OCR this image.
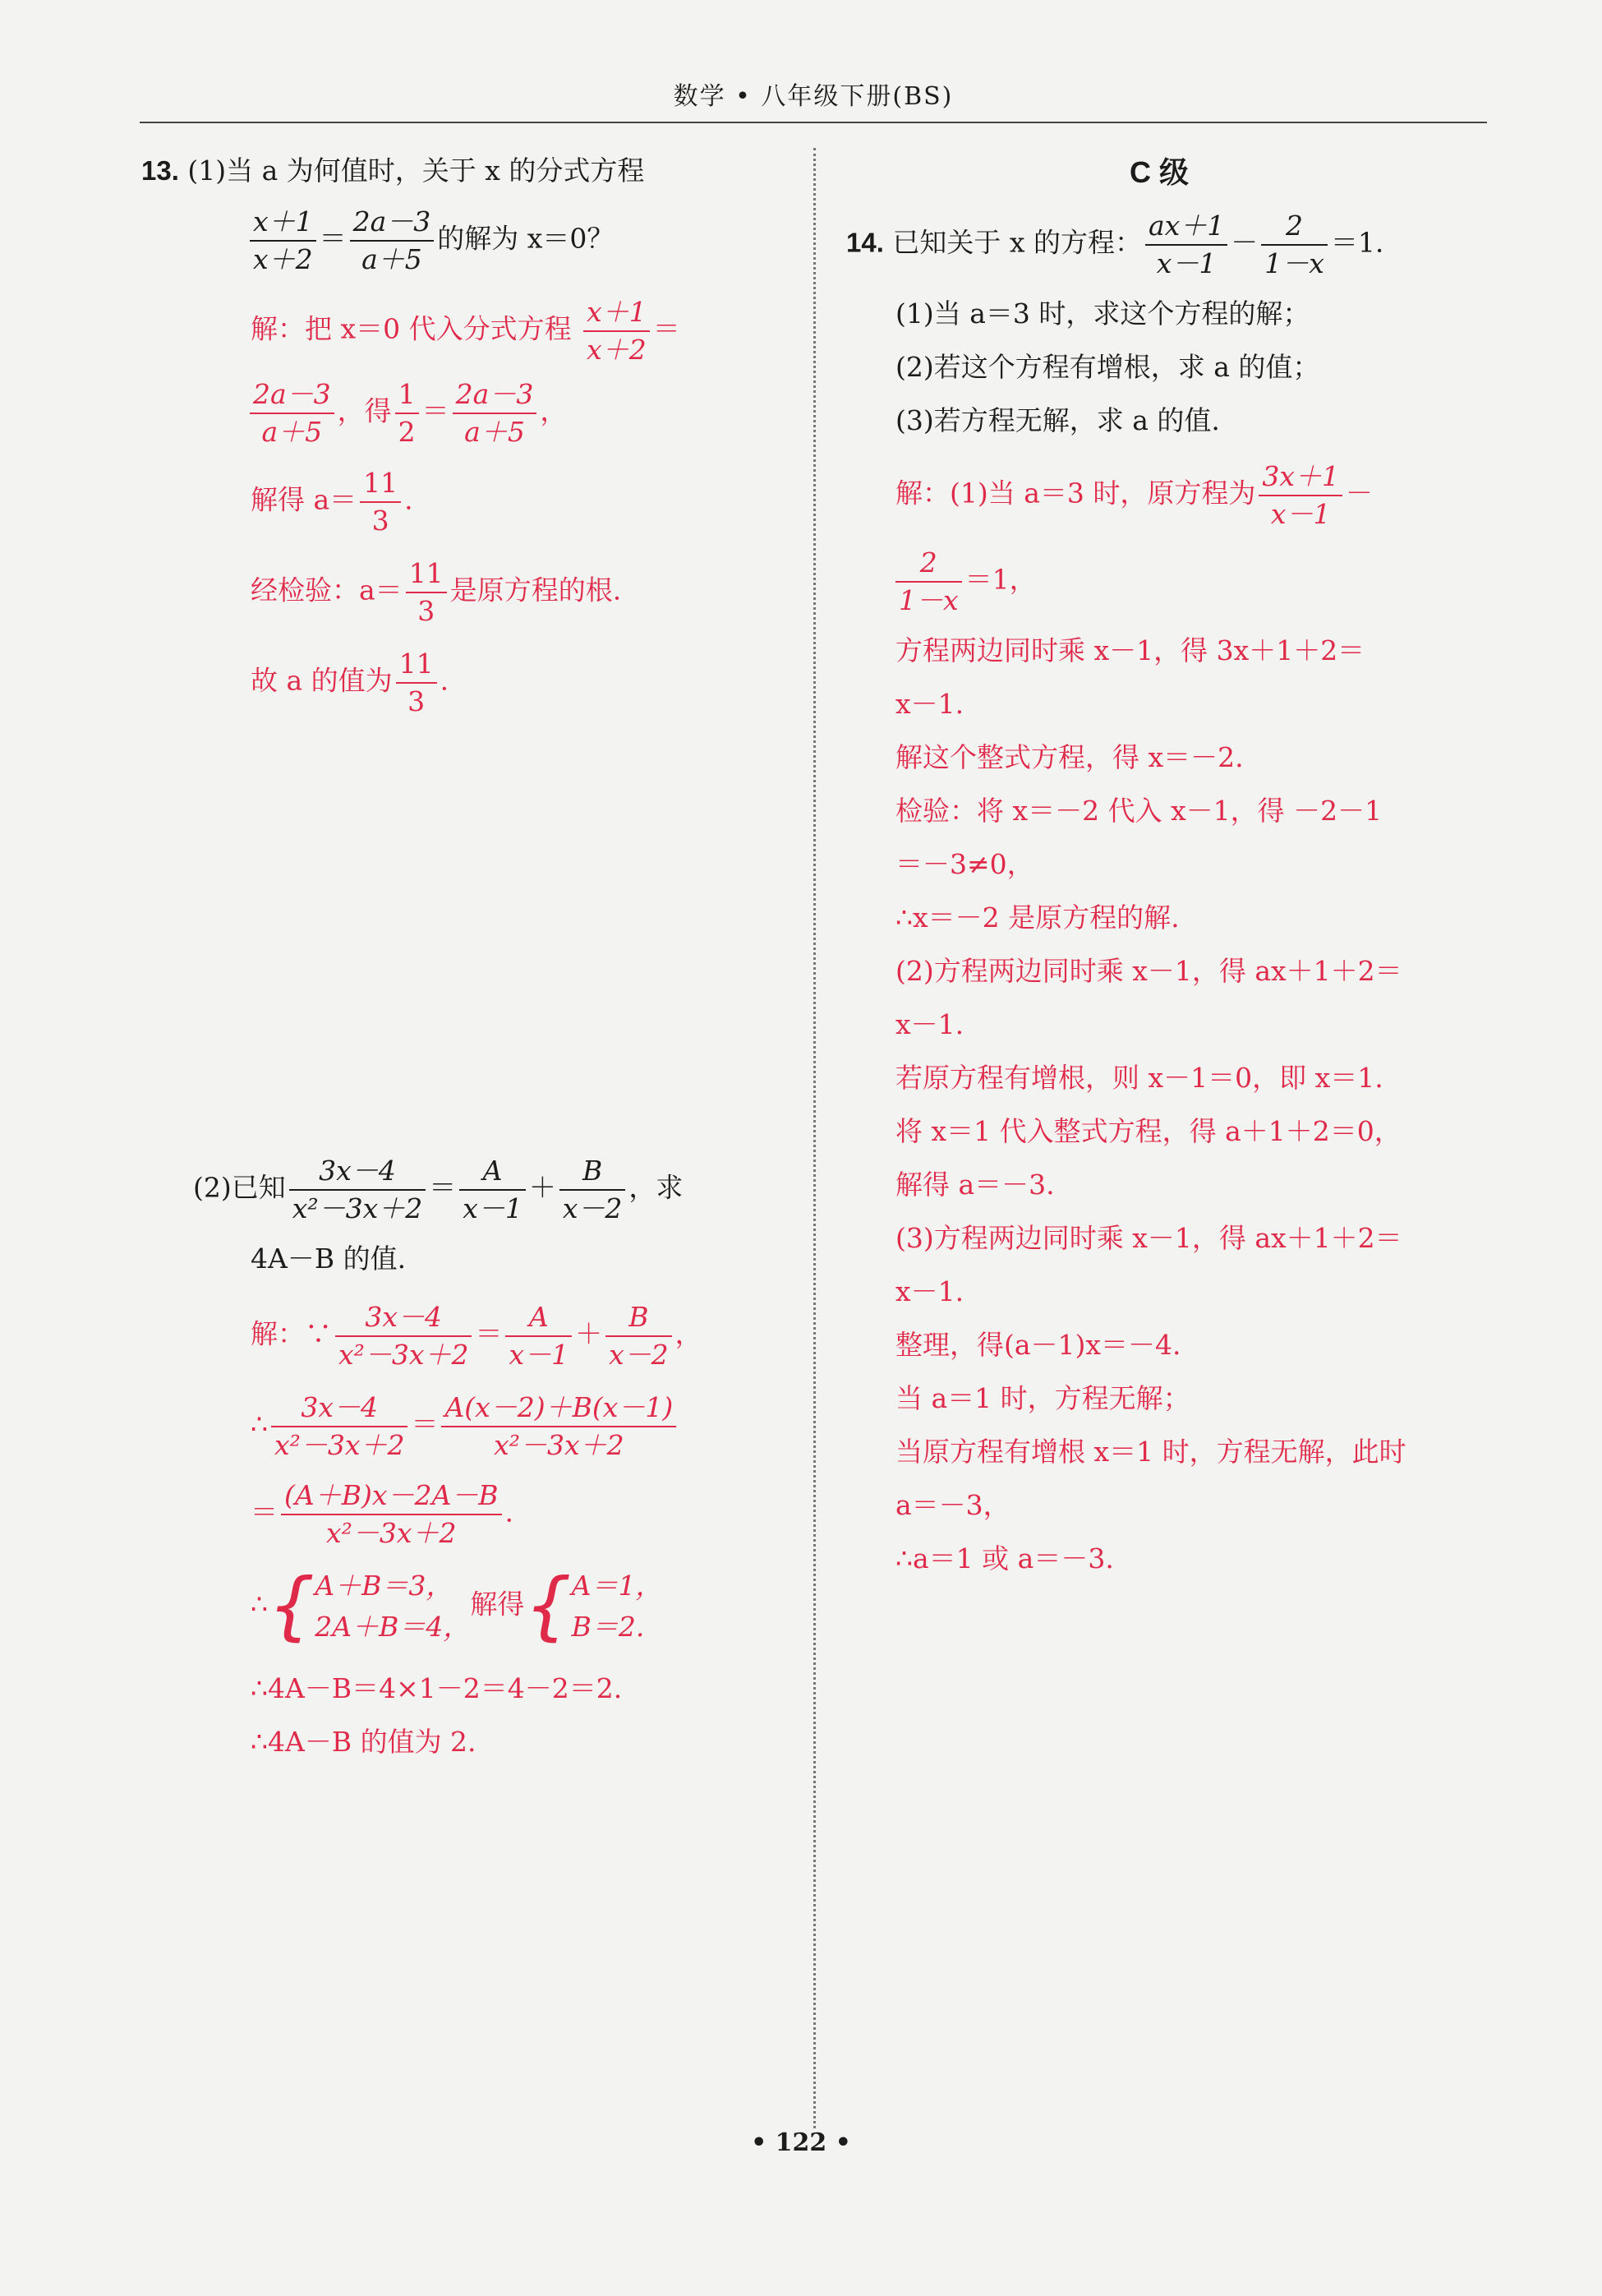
数学 • 八年级下册(BS)
13. (1)当 a 为何值时，关于 x 的分式方程
$\frac{x+1}{x+2} = \frac{2a-3}{a+5}$ 的解为 x＝0？
解：把 x＝0 代入分式方程 $\frac{x+1}{x+2}$ ＝
$\frac{2a-3}{a+5}$ ，得 $\frac{1}{2} = \frac{2a-3}{a+5}$ ，
解得 $a= \frac{11}{3}$ .
经检验：$a= \frac{11}{3}$ 是原方程的根.
故 a 的值为 $\frac{11}{3}$ .
(2)已知 $\frac{3x-4}{\text{x²－3x＋2}} = \frac{A}{x-1} + \frac{B}{x-2}$ ，求
4A－B 的值.
解：∵ $\frac{3x-4}{\text{x²－3x＋2}} = \frac{A}{x-1} + \frac{B}{x-2}$ ，
∴ $\frac{3x-4}{\text{x²－3x＋2}} = \frac{A(x-2)+B(x-1)}{\text{x²－3x＋2}}$
＝ $\frac{(A+B)x-2A-B}{\text{x²－3x＋2}}$ .
∴{ A＋B＝3，
2A＋B＝4，
解得{ A＝1，
B＝2.
∴4A－B＝4×1－2＝4－2＝2.
∴4A－B 的值为 2.
C 级
14. 已知关于 x 的方程： $\frac{ax+1}{x-1} - \frac{2}{1-x} =1$.
(1)当 a＝3 时，求这个方程的解；
(2)若这个方程有增根，求 a 的值；
(3)若方程无解，求 a 的值.
解：(1)当 a＝3 时，原方程为 $\frac{3x+1}{x-1}$ －
$\frac{2}{1-x} =1$，
方程两边同时乘 x－1，得 3x＋1＋2＝
x－1.
解这个整式方程，得 x＝－2.
检验：将 x＝－2 代入 x－1，得 －2－1
＝－3≠0，
∴x＝－2 是原方程的解.
(2)方程两边同时乘 x－1，得 ax＋1＋2＝
x－1.
若原方程有增根，则 x－1＝0，即 x＝1.
将 x＝1 代入整式方程，得 a＋1＋2＝0，
解得 a＝－3.
(3)方程两边同时乘 x－1，得 ax＋1＋2＝
x－1.
整理，得(a－1)x＝－4.
当 a＝1 时，方程无解；
当原方程有增根 x＝1 时，方程无解，此时
a＝－3，
∴a＝1 或 a＝－3.
• 122 •
